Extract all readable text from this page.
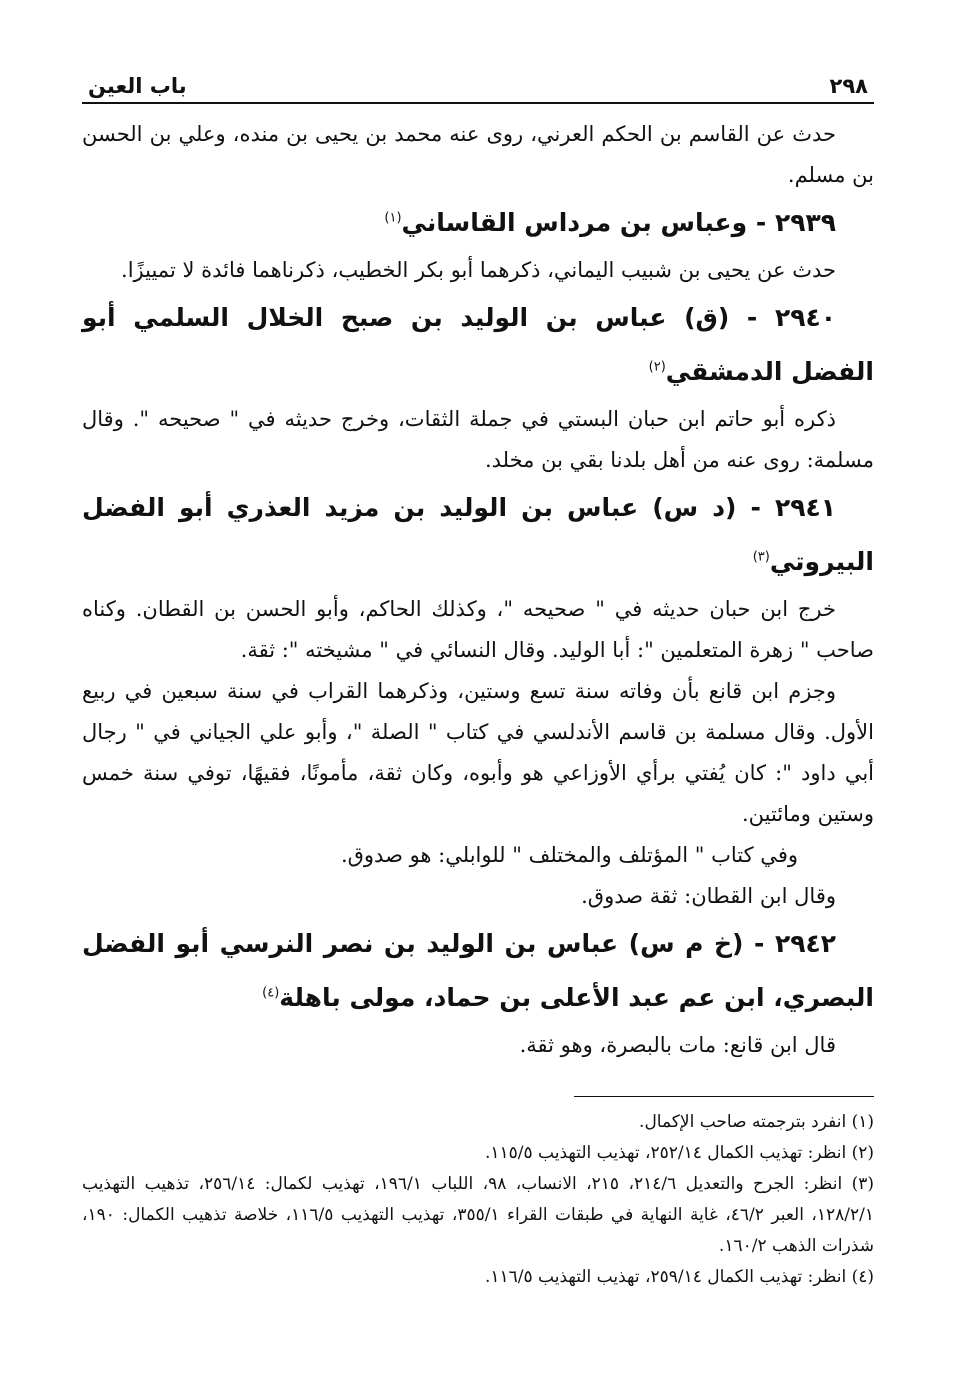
٢٩٨
باب العين

حدث عن القاسم بن الحكم العرني، روى عنه محمد بن يحيى بن منده، وعلي بن الحسن بن مسلم.

٢٩٣٩ - وعباس بن مرداس القاساني$^{(١)}$

حدث عن يحيى بن شبيب اليماني، ذكرهما أبو بكر الخطيب، ذكرناهما فائدة لا تمييزًا.

٢٩٤٠ - (ق) عباس بن الوليد بن صبح الخلال السلمي أبو الفضل الدمشقي$^{(٢)}$

ذكره أبو حاتم ابن حبان البستي في جملة الثقات، وخرج حديثه في " صحيحه ". وقال مسلمة: روى عنه من أهل بلدنا بقي بن مخلد.

٢٩٤١ - (د س) عباس بن الوليد بن مزيد العذري أبو الفضل البيروتي$^{(٣)}$

خرج ابن حبان حديثه في " صحيحه "، وكذلك الحاكم، وأبو الحسن بن القطان. وكناه صاحب " زهرة المتعلمين ": أبا الوليد. وقال النسائي في " مشيخته ": ثقة.

وجزم ابن قانع بأن وفاته سنة تسع وستين، وذكرهما القراب في سنة سبعين في ربيع الأول. وقال مسلمة بن قاسم الأندلسي في كتاب " الصلة "، وأبو علي الجياني في " رجال أبي داود ": كان يُفتي برأي الأوزاعي هو وأبوه، وكان ثقة، مأمونًا، فقيهًا، توفي سنة خمس وستين ومائتين.

وفي كتاب " المؤتلف والمختلف " للوابلي: هو صدوق.

وقال ابن القطان: ثقة صدوق.

٢٩٤٢ - (خ م س) عباس بن الوليد بن نصر النرسي أبو الفضل البصري، ابن عم عبد الأعلى بن حماد، مولى باهلة$^{(٤)}$

قال ابن قانع: مات بالبصرة، وهو ثقة.

(١) انفرد بترجمته صاحب الإكمال.
(٢) انظر: تهذيب الكمال ٢٥٢/١٤، تهذيب التهذيب ١١٥/٥.
(٣) انظر: الجرح والتعديل ٢١٤/٦، ٢١٥، الانساب، ٩٨، اللباب ١٩٦/١، تهذيب لكمال: ٢٥٦/١٤، تذهيب التهذيب ١٢٨/٢/١، العبر ٤٦/٢، غاية النهاية في طبقات القراء ٣٥٥/١، تهذيب التهذيب ١١٦/٥، خلاصة تذهيب الكمال: ١٩٠، شذرات الذهب ١٦٠/٢.
(٤) انظر: تهذيب الكمال ٢٥٩/١٤، تهذيب التهذيب ١١٦/٥.
